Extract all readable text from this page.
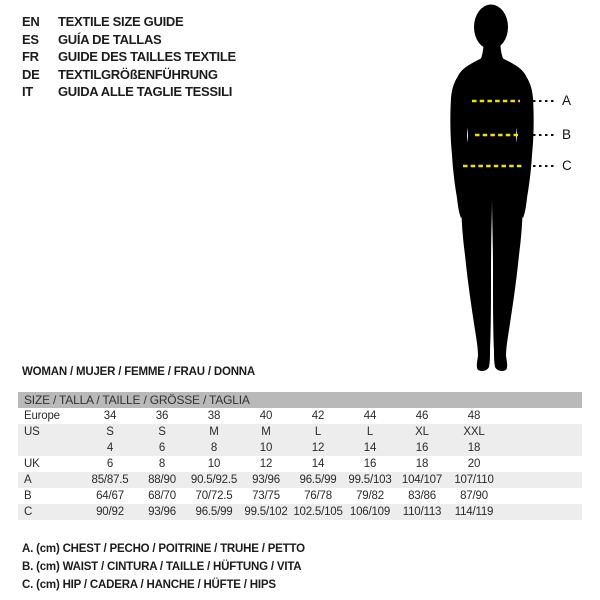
EN	TEXTILE SIZE GUIDE
ES	GUÍA DE TALLAS
FR	GUIDE DES TAILLES TEXTILE
DE	TEXTILGRÖßENFÜHRUNG
IT	GUIDA ALLE TAGLIE TESSILI
A
B
C
WOMAN / MUJER / FEMME / FRAU / DONNA
SIZE / TALLA / TAILLE / GRÖSSE / TAGLIA									
Europe	34	36	38	40	42	44	46	48	
US	S	S	M	M	L	L	XL	XXL	
	4	6	8	10	12	14	16	18	
UK	6	8	10	12	14	16	18	20	
A	85/87.5	88/90	90.5/92.5	93/96	96.5/99	99.5/103	104/107	107/110	
B	64/67	68/70	70/72.5	73/75	76/78	79/82	83/86	87/90	
C	90/92	93/96	96.5/99	99.5/102	102.5/105	106/109	110/113	114/119	
A. (cm) CHEST / PECHO / POITRINE / TRUHE / PETTO
B. (cm) WAIST / CINTURA / TAILLE / HÜFTUNG / VITA
C. (cm) HIP / CADERA / HANCHE / HÜFTE / HIPS
